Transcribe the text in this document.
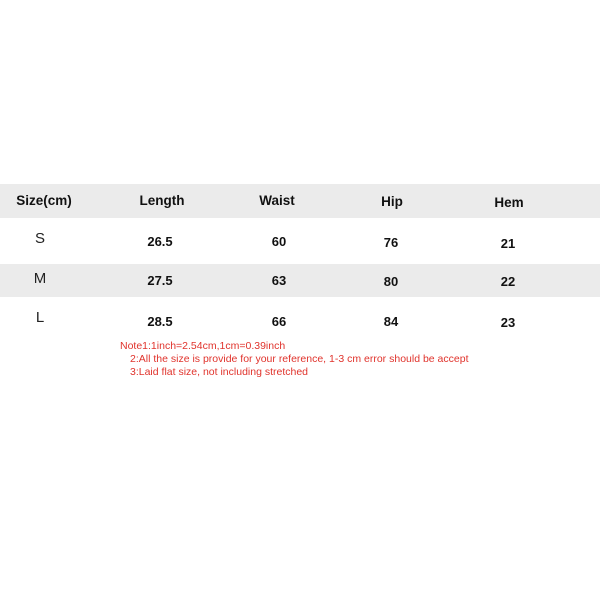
Size(cm)	Length	Waist	Hip	Hem
S	26.5	60	76	21
M	27.5	63	80	22
L	28.5	66	84	23
Note1:1inch=2.54cm,1cm=0.39inch
2:All the size is provide for your reference, 1-3 cm error should be accept
3:Laid flat size, not including stretched
